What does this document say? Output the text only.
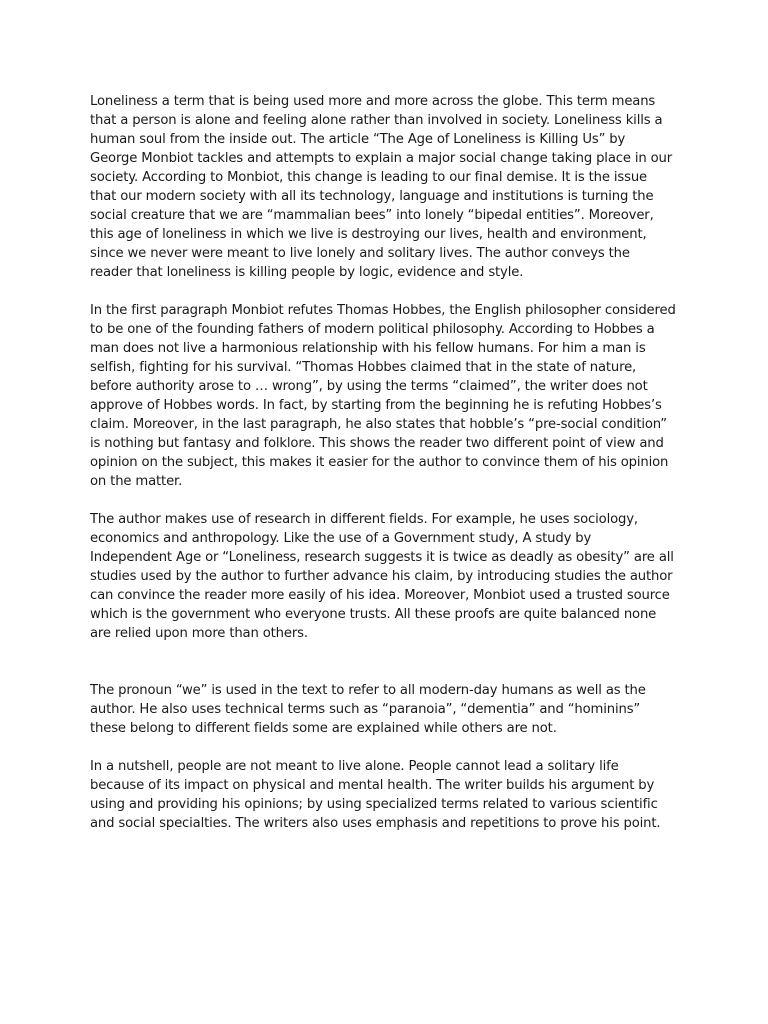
Loneliness a term that is being used more and more across the globe. This term means that a person is alone and feeling alone rather than involved in society. Loneliness kills a human soul from the inside out. The article “The Age of Loneliness is Killing Us” by George Monbiot tackles and attempts to explain a major social change taking place in our society. According to Monbiot, this change is leading to our final demise. It is the issue that our modern society with all its technology, language and institutions is turning the social creature that we are “mammalian bees” into lonely “bipedal entities”. Moreover, this age of loneliness in which we live is destroying our lives, health and environment, since we never were meant to live lonely and solitary lives. The author conveys the reader that loneliness is killing people by logic, evidence and style.

In the first paragraph Monbiot refutes Thomas Hobbes, the English philosopher considered to be one of the founding fathers of modern political philosophy. According to Hobbes a man does not live a harmonious relationship with his fellow humans. For him a man is selfish, fighting for his survival. “Thomas Hobbes claimed that in the state of nature, before authority arose to … wrong”, by using the terms “claimed”, the writer does not approve of Hobbes words. In fact, by starting from the beginning he is refuting Hobbes’s claim. Moreover, in the last paragraph, he also states that hobble’s “pre-social condition” is nothing but fantasy and folklore. This shows the reader two different point of view and opinion on the subject, this makes it easier for the author to convince them of his opinion on the matter.

The author makes use of research in different fields. For example, he uses sociology, economics and anthropology. Like the use of a Government study, A study by Independent Age or “Loneliness, research suggests it is twice as deadly as obesity” are all studies used by the author to further advance his claim, by introducing studies the author can convince the reader more easily of his idea. Moreover, Monbiot used a trusted source which is the government who everyone trusts. All these proofs are quite balanced none are relied upon more than others.

The pronoun “we” is used in the text to refer to all modern-day humans as well as the author. He also uses technical terms such as “paranoia”, “dementia” and “hominins” these belong to different fields some are explained while others are not.

In a nutshell, people are not meant to live alone. People cannot lead a solitary life because of its impact on physical and mental health. The writer builds his argument by using and providing his opinions; by using specialized terms related to various scientific and social specialties. The writers also uses emphasis and repetitions to prove his point.
